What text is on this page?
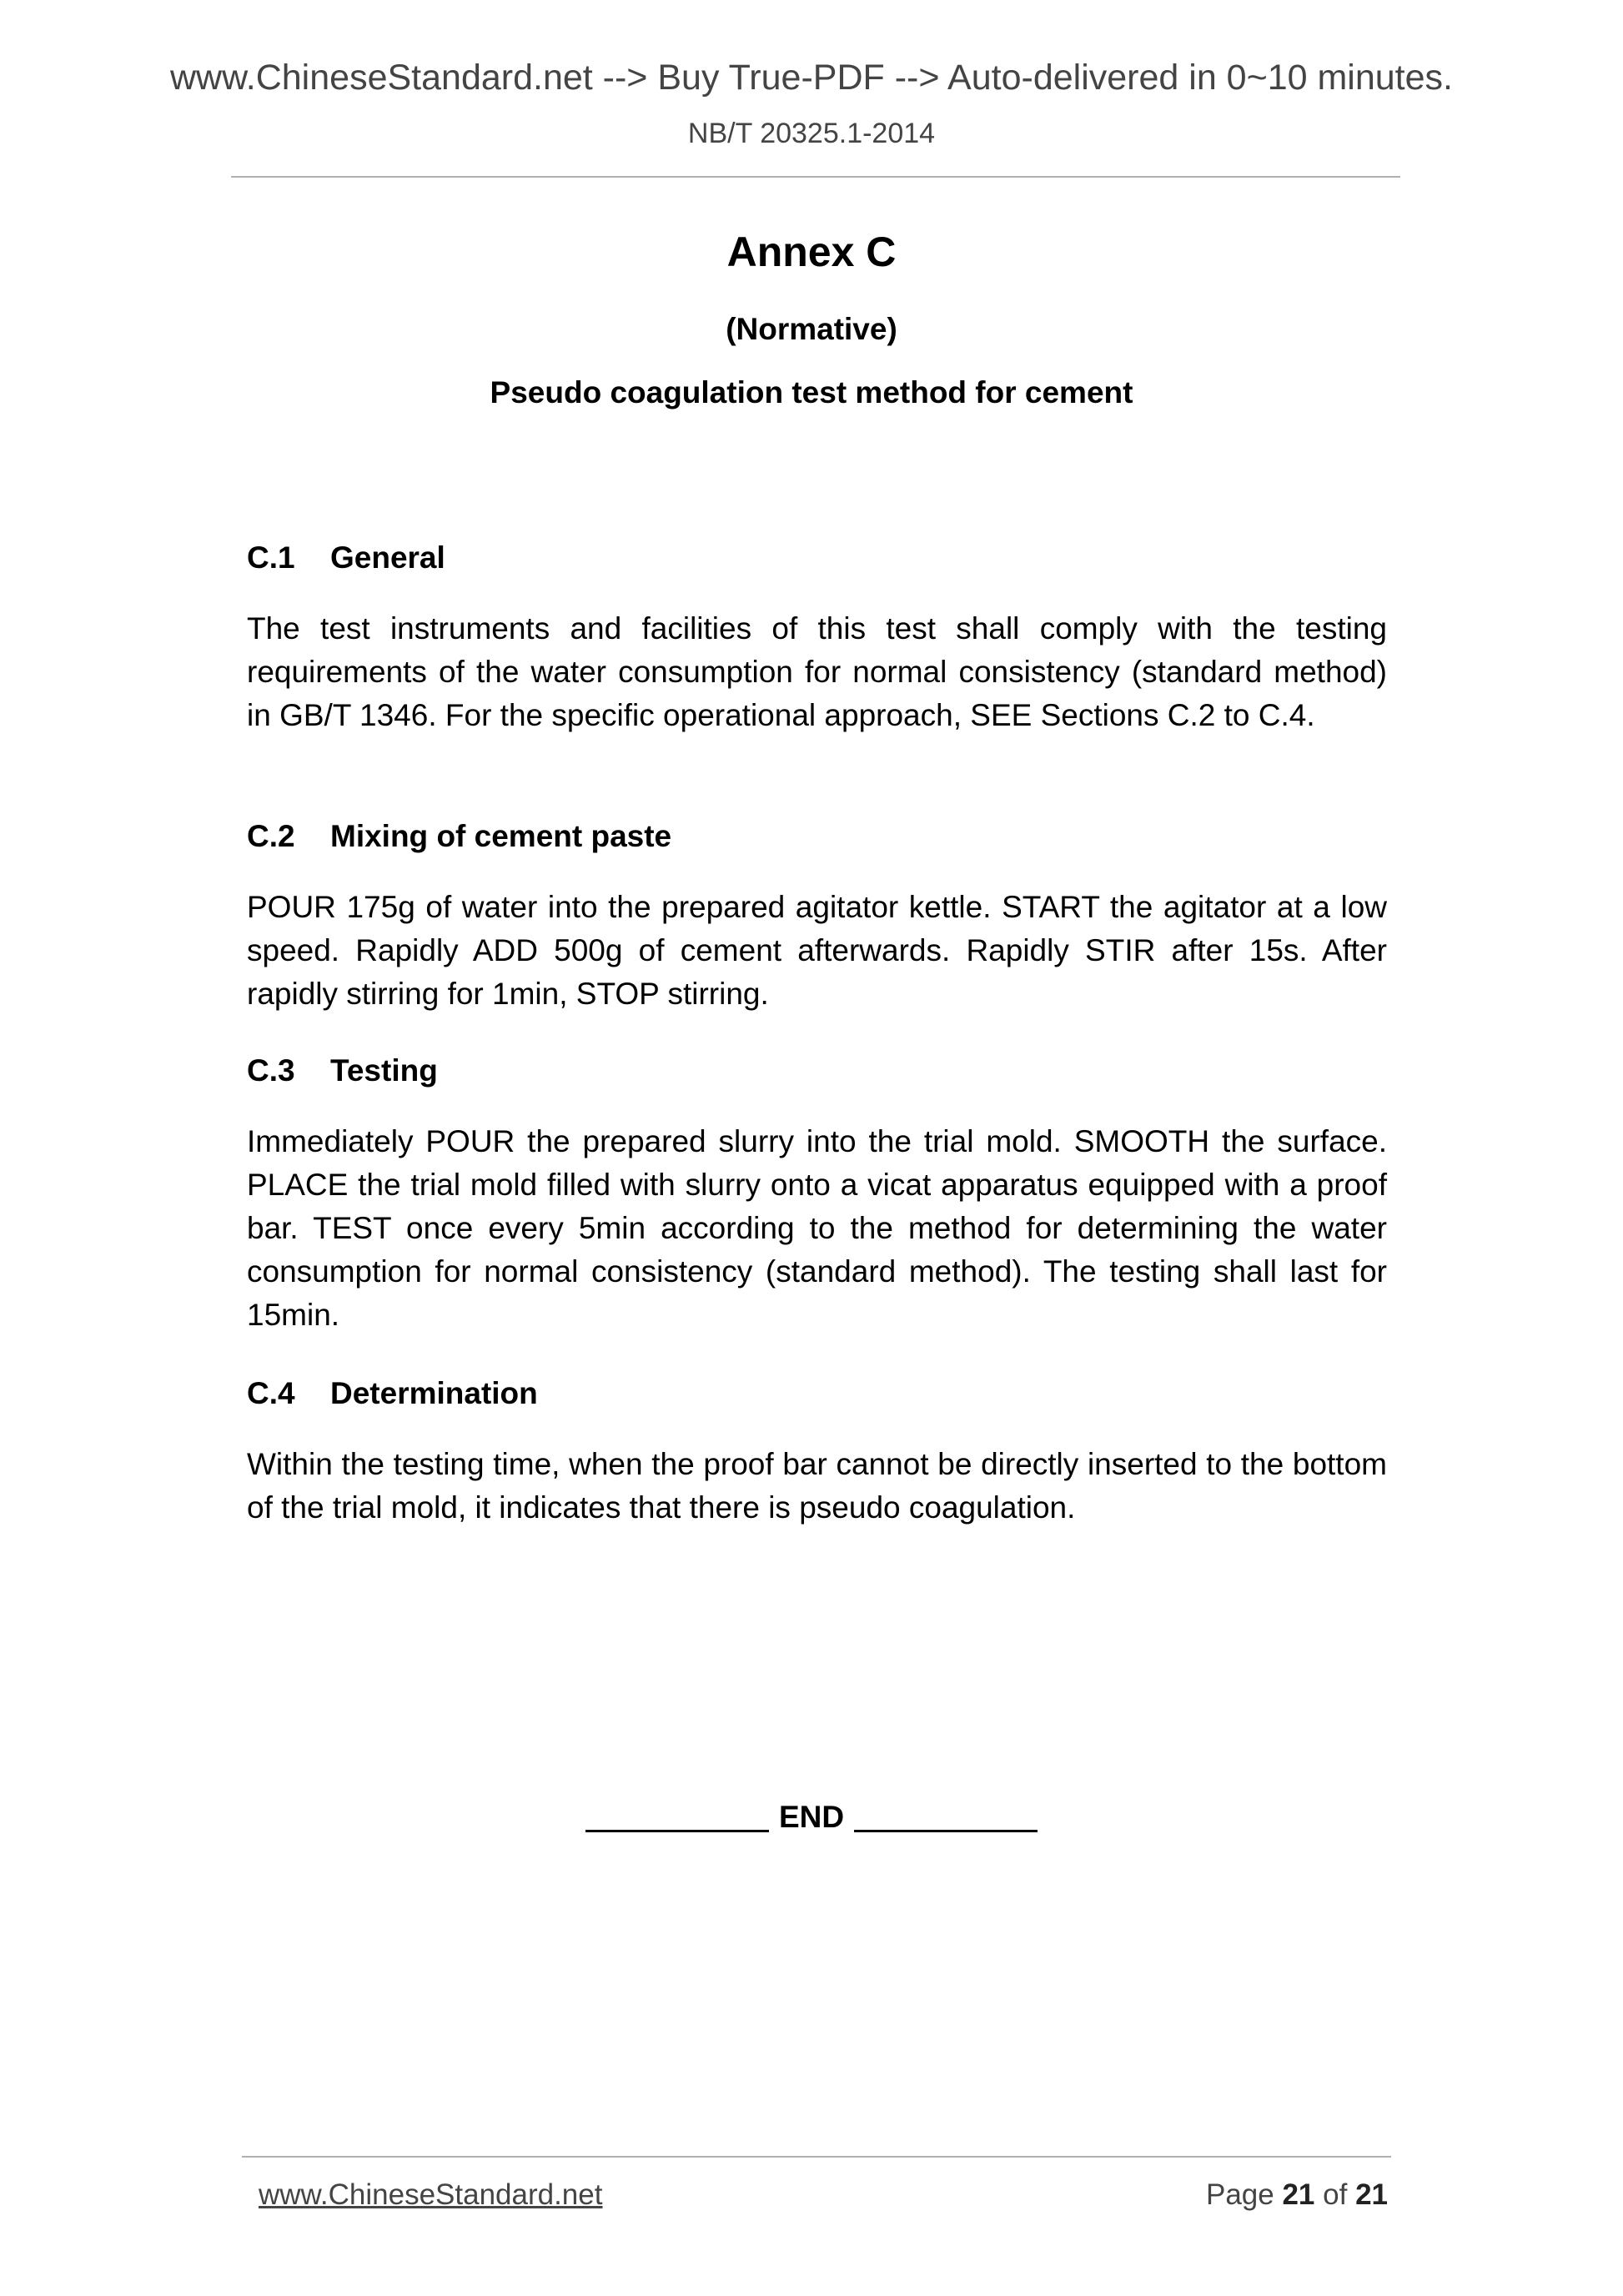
www.ChineseStandard.net --> Buy True-PDF --> Auto-delivered in 0~10 minutes.
NB/T 20325.1-2014
Annex C
(Normative)
Pseudo coagulation test method for cement
C.1 General
The test instruments and facilities of this test shall comply with the testing requirements of the water consumption for normal consistency (standard method) in GB/T 1346. For the specific operational approach, SEE Sections C.2 to C.4.
C.2 Mixing of cement paste
POUR 175g of water into the prepared agitator kettle. START the agitator at a low speed. Rapidly ADD 500g of cement afterwards. Rapidly STIR after 15s. After rapidly stirring for 1min, STOP stirring.
C.3 Testing
Immediately POUR the prepared slurry into the trial mold. SMOOTH the surface. PLACE the trial mold filled with slurry onto a vicat apparatus equipped with a proof bar. TEST once every 5min according to the method for determining the water consumption for normal consistency (standard method). The testing shall last for 15min.
C.4 Determination
Within the testing time, when the proof bar cannot be directly inserted to the bottom of the trial mold, it indicates that there is pseudo coagulation.
END
www.ChineseStandard.net	Page 21 of 21
